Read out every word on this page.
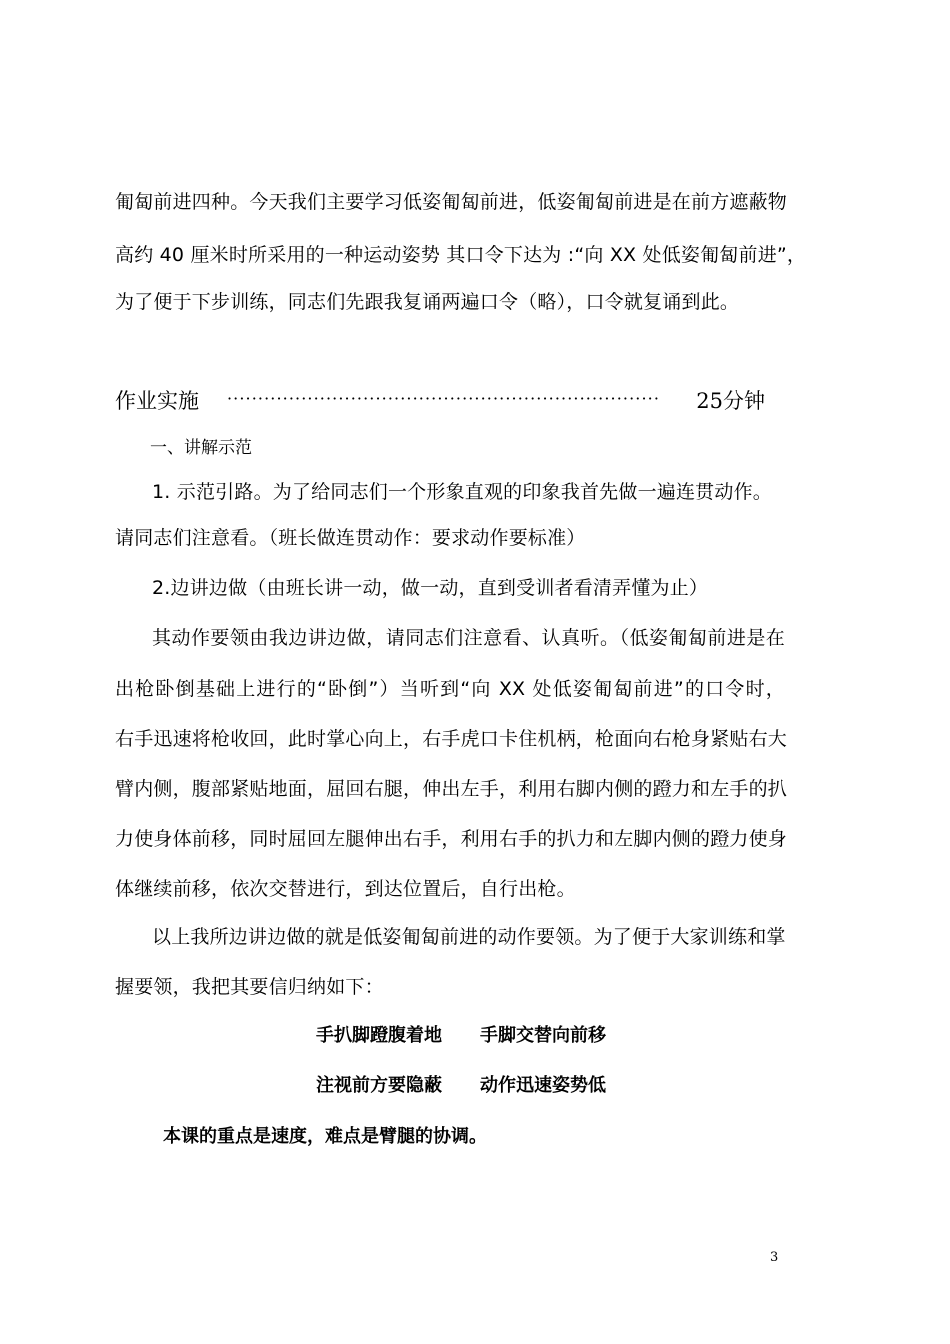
匍匐前进四种。今天我们主要学习低姿匍匐前进，低姿匍匐前进是在前方遮蔽物
高约 40 厘米时所采用的一种运动姿势 其口令下达为 :“向 XX 处低姿匍匐前进”，
为了便于下步训练，同志们先跟我复诵两遍口令（略），口令就复诵到此。
作业实施 ······································································ 25分钟
一、讲解示范
1. 示范引路。为了给同志们一个形象直观的印象我首先做一遍连贯动作。
请同志们注意看。（班长做连贯动作：要求动作要标准）
2.边讲边做（由班长讲一动，做一动，直到受训者看清弄懂为止）
其动作要领由我边讲边做，请同志们注意看、认真听。（低姿匍匐前进是在
出枪卧倒基础上进行的“卧倒”）当听到“向 XX 处低姿匍匐前进”的口令时，
右手迅速将枪收回，此时掌心向上，右手虎口卡住机柄，枪面向右枪身紧贴右大
臂内侧，腹部紧贴地面，屈回右腿，伸出左手，利用右脚内侧的蹬力和左手的扒
力使身体前移，同时屈回左腿伸出右手，利用右手的扒力和左脚内侧的蹬力使身
体继续前移，依次交替进行，到达位置后，自行出枪。
以上我所边讲边做的就是低姿匍匐前进的动作要领。为了便于大家训练和掌
握要领，我把其要信归纳如下：
手扒脚蹬腹着地 手脚交替向前移
注视前方要隐蔽 动作迅速姿势低
本课的重点是速度，难点是臂腿的协调。
3
